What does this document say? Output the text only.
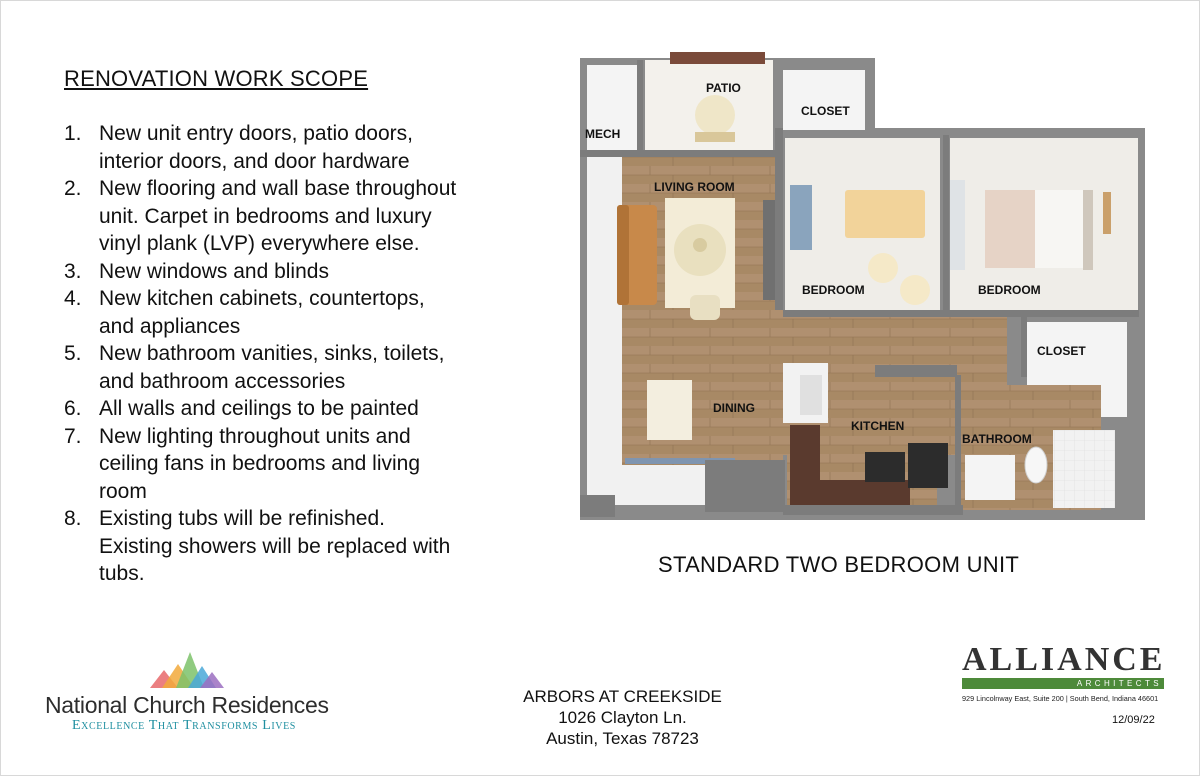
RENOVATION WORK SCOPE
1. New unit entry doors, patio doors,
interior doors, and door hardware
2. New flooring and wall base throughout
unit. Carpet in bedrooms and luxury
vinyl plank (LVP) everywhere else.
3. New windows and blinds
4. New kitchen cabinets, countertops,
and appliances
5. New bathroom vanities, sinks, toilets,
and bathroom accessories
6. All walls and ceilings to be painted
7. New lighting throughout units and
ceiling fans in bedrooms and living
room
8. Existing tubs will be refinished.
Existing showers will be replaced with
tubs.
PATIO
MECH
CLOSET
LIVING ROOM
BEDROOM	BEDROOM
CLOSET
DINING
KITCHEN
BATHROOM
STANDARD TWO BEDROOM UNIT
National Church Residences
Excellence That Transforms Lives
ARBORS AT CREEKSIDE
1026 Clayton Ln.
Austin, Texas 78723
ALLIANCE
ARCHITECTS
929 Lincolnway East, Suite 200 | South Bend, Indiana 46601
12/09/22
